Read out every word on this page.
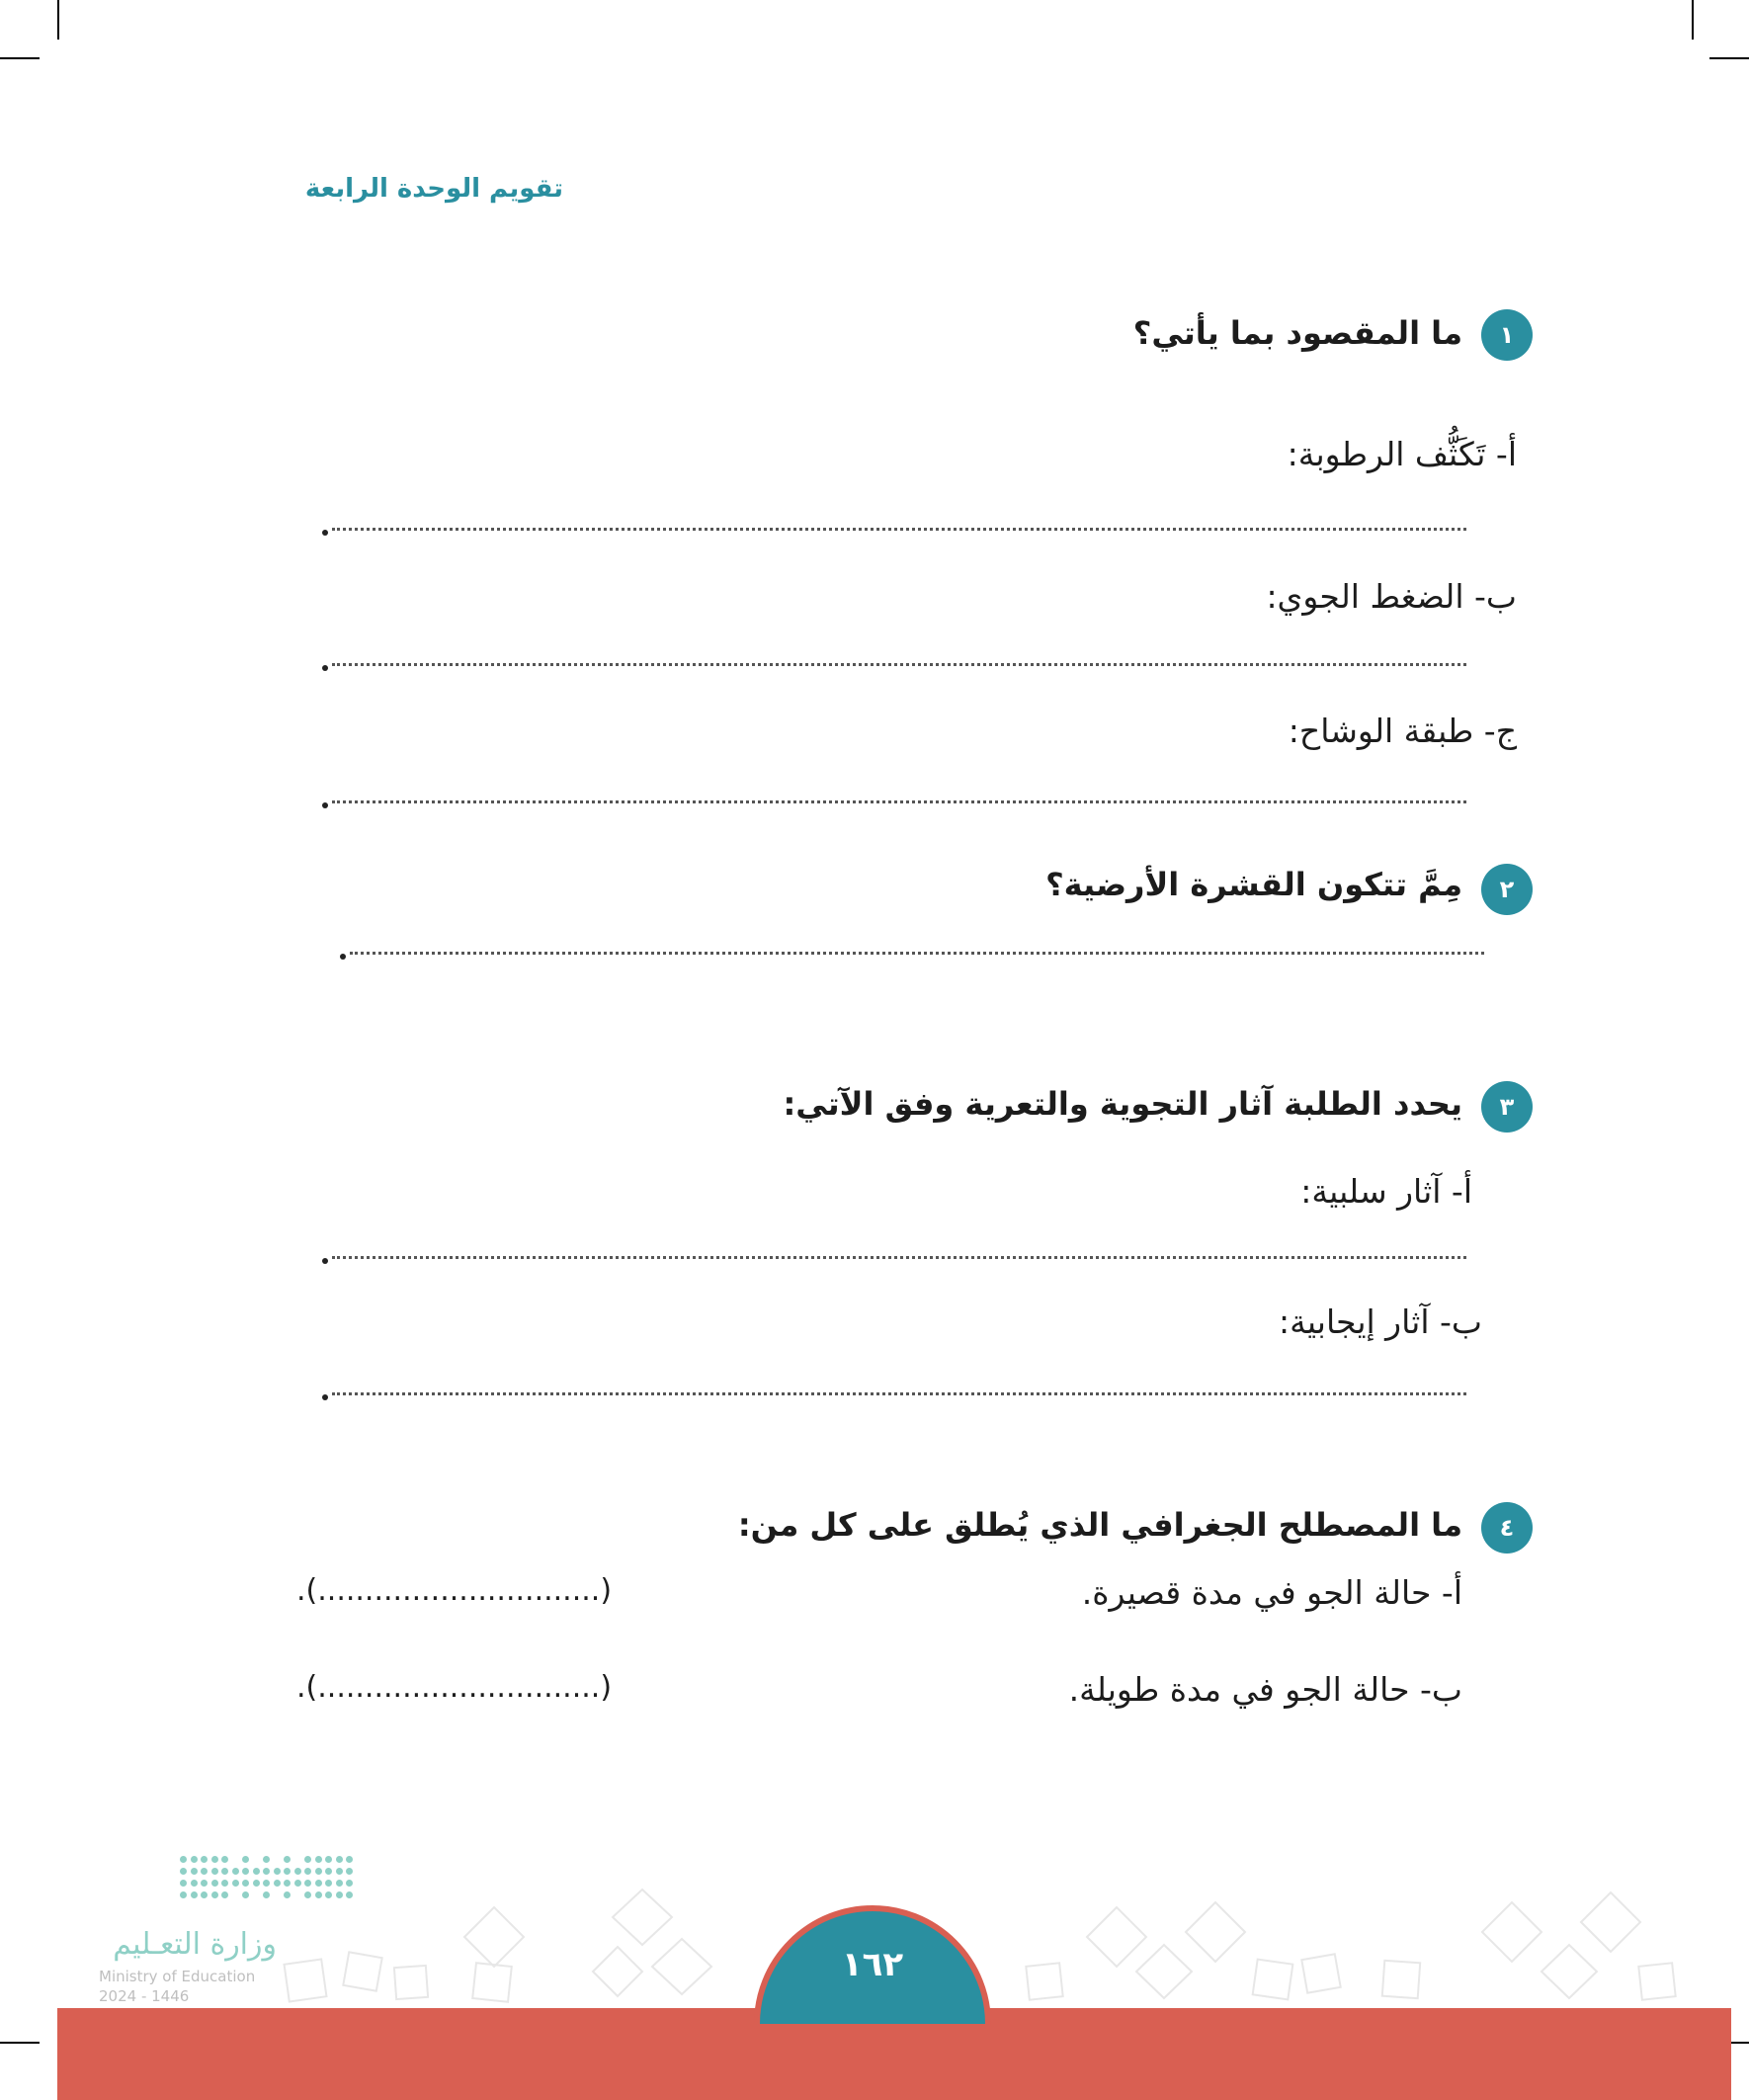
تقويم الوحدة الرابعة
١
ما المقصود بما يأتي؟
أ- تَكَثُّف الرطوبة:
ب- الضغط الجوي:
ج- طبقة الوشاح:
٢
مِمَّ تتكون القشرة الأرضية؟
٣
يحدد الطلبة آثار التجوية والتعرية وفق الآتي:
أ- آثار سلبية:
ب- آثار إيجابية:
٤
ما المصطلح الجغرافي الذي يُطلق على كل من:
أ- حالة الجو في مدة قصيرة.
.(..............................)
ب- حالة الجو في مدة طويلة.
.(..............................)
وزارة التعـليم
Ministry of Education
2024 - 1446
١٦٢
